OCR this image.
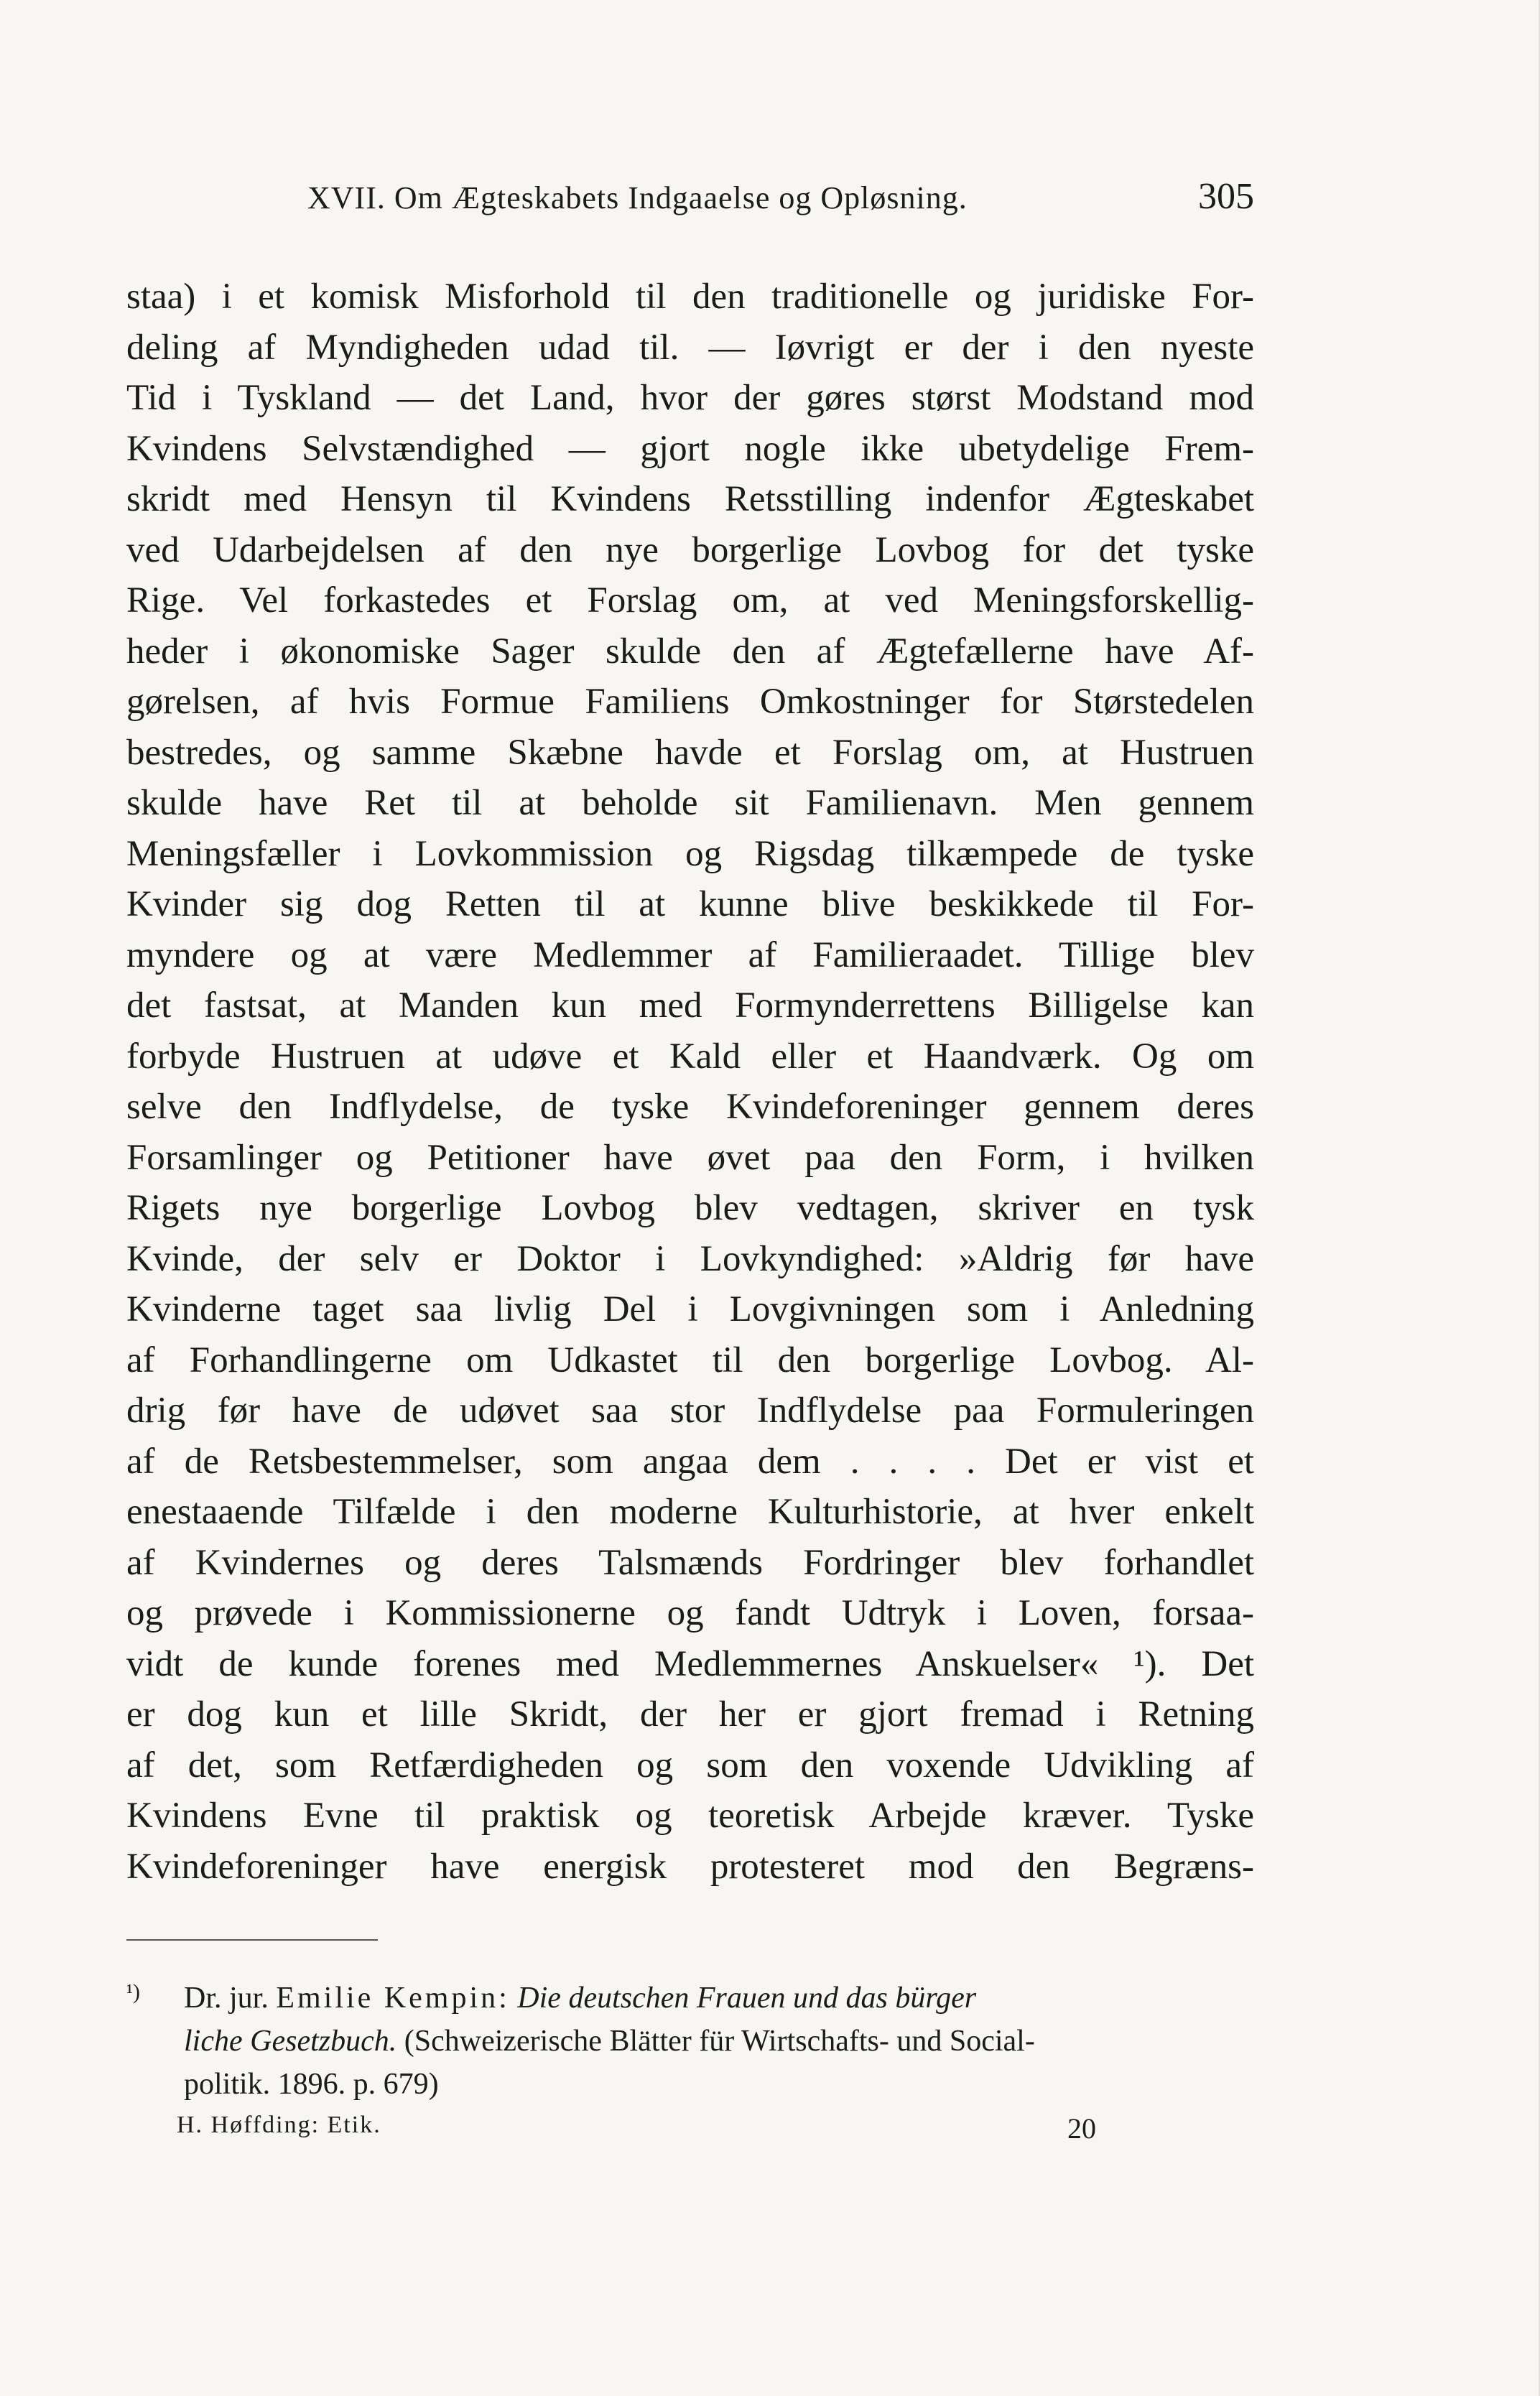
XVII. Om Ægteskabets Indgaaelse og Opløsning.	305
staa) i et komisk Misforhold til den traditionelle og juridiske For-
deling af Myndigheden udad til. — Iøvrigt er der i den nyeste
Tid i Tyskland — det Land, hvor der gøres størst Modstand mod
Kvindens Selvstændighed — gjort nogle ikke ubetydelige Frem-
skridt med Hensyn til Kvindens Retsstilling indenfor Ægteskabet
ved Udarbejdelsen af den nye borgerlige Lovbog for det tyske
Rige. Vel forkastedes et Forslag om, at ved Meningsforskellig-
heder i økonomiske Sager skulde den af Ægtefællerne have Af-
gørelsen, af hvis Formue Familiens Omkostninger for Størstedelen
bestredes, og samme Skæbne havde et Forslag om, at Hustruen
skulde have Ret til at beholde sit Familienavn. Men gennem
Meningsfæller i Lovkommission og Rigsdag tilkæmpede de tyske
Kvinder sig dog Retten til at kunne blive beskikkede til For-
myndere og at være Medlemmer af Familieraadet. Tillige blev
det fastsat, at Manden kun med Formynderrettens Billigelse kan
forbyde Hustruen at udøve et Kald eller et Haandværk. Og om
selve den Indflydelse, de tyske Kvindeforeninger gennem deres
Forsamlinger og Petitioner have øvet paa den Form, i hvilken
Rigets nye borgerlige Lovbog blev vedtagen, skriver en tysk
Kvinde, der selv er Doktor i Lovkyndighed: »Aldrig før have
Kvinderne taget saa livlig Del i Lovgivningen som i Anledning
af Forhandlingerne om Udkastet til den borgerlige Lovbog. Al-
drig før have de udøvet saa stor Indflydelse paa Formuleringen
af de Retsbestemmelser, som angaa dem . . . . Det er vist et
enestaaende Tilfælde i den moderne Kulturhistorie, at hver enkelt
af Kvindernes og deres Talsmænds Fordringer blev forhandlet
og prøvede i Kommissionerne og fandt Udtryk i Loven, forsaa-
vidt de kunde forenes med Medlemmernes Anskuelser« ¹). Det
er dog kun et lille Skridt, der her er gjort fremad i Retning
af det, som Retfærdigheden og som den voxende Udvikling af
Kvindens Evne til praktisk og teoretisk Arbejde kræver. Tyske
Kvindeforeninger have energisk protesteret mod den Begræns-
¹) Dr. jur. Emilie Kempin: Die deutschen Frauen und das bürger
liche Gesetzbuch. (Schweizerische Blätter für Wirtschafts- und Social-
politik. 1896. p. 679)
H. Høffding: Etik.	20
